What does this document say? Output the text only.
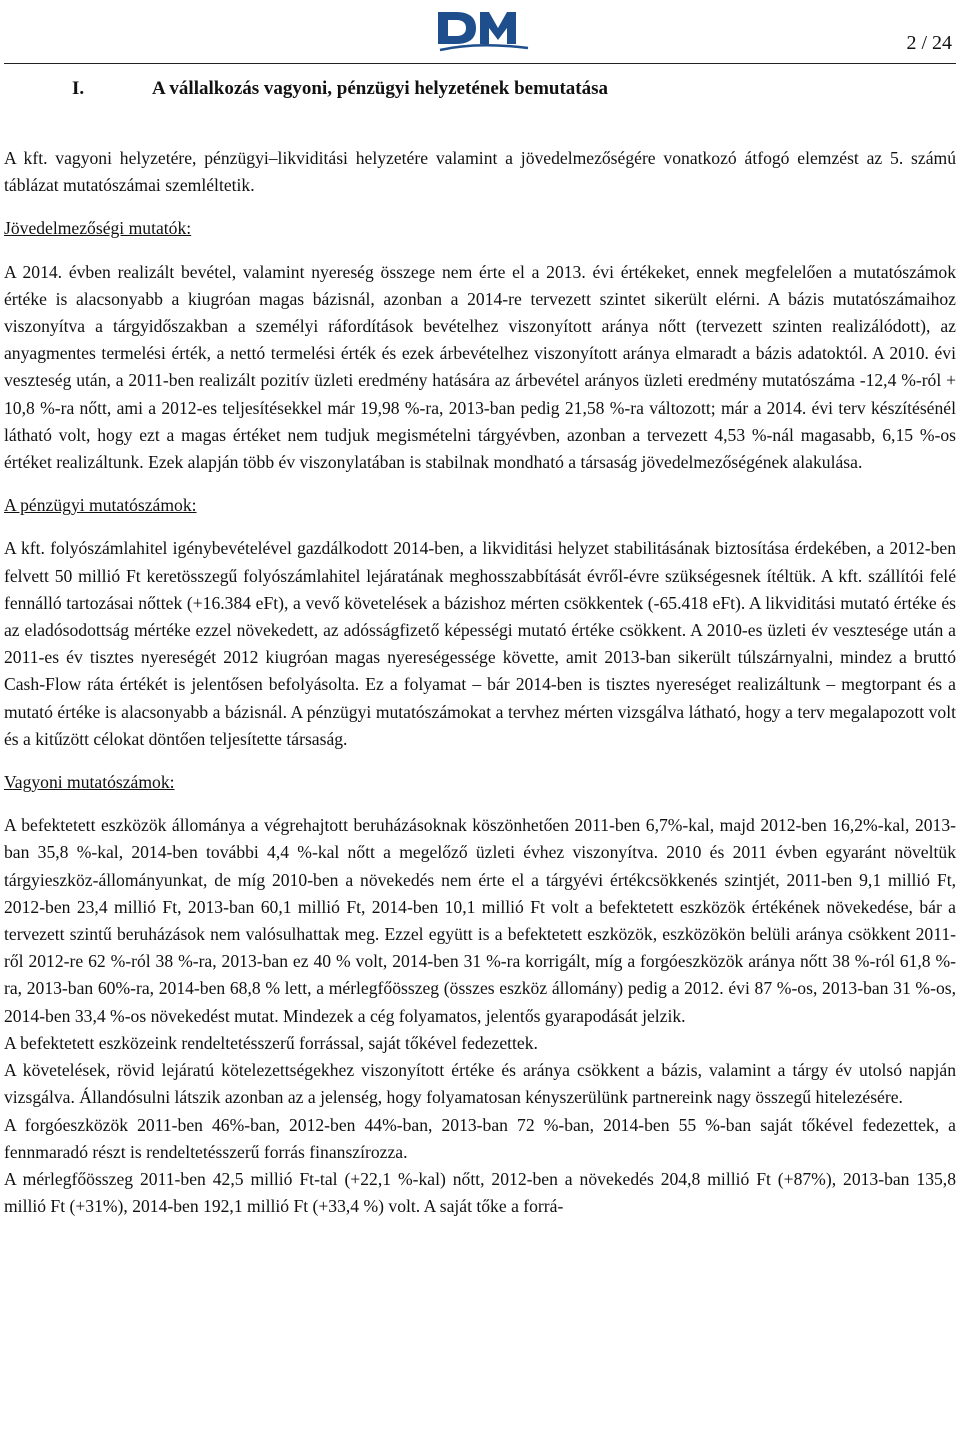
2 / 24
I.	A vállalkozás vagyoni, pénzügyi helyzetének bemutatása

A kft. vagyoni helyzetére, pénzügyi–likviditási helyzetére valamint a jövedelmezőségére vonatkozó átfogó elemzést az 5. számú táblázat mutatószámai szemléltetik.

Jövedelmezőségi mutatók:

A 2014. évben realizált bevétel, valamint nyereség összege nem érte el a 2013. évi értékeket, ennek megfelelően a mutatószámok értéke is alacsonyabb a kiugróan magas bázisnál, azonban a 2014-re tervezett szintet sikerült elérni. A bázis mutatószámaihoz viszonyítva a tárgyidőszakban a személyi ráfordítások bevételhez viszonyított aránya nőtt (tervezett szinten realizálódott), az anyagmentes termelési érték, a nettó termelési érték és ezek árbevételhez viszonyított aránya elmaradt a bázis adatoktól. A 2010. évi veszteség után, a 2011-ben realizált pozitív üzleti eredmény hatására az árbevétel arányos üzleti eredmény mutatószáma -12,4 %-ról + 10,8 %-ra nőtt, ami a 2012-es teljesítésekkel már 19,98 %-ra, 2013-ban pedig 21,58 %-ra változott; már a 2014. évi terv készítésénél látható volt, hogy ezt a magas értéket nem tudjuk megismételni tárgyévben, azonban a tervezett 4,53 %-nál magasabb, 6,15 %-os értéket realizáltunk. Ezek alapján több év viszonylatában is stabilnak mondható a társaság jövedelmezőségének alakulása.

A pénzügyi mutatószámok:

A kft. folyószámlahitel igénybevételével gazdálkodott 2014-ben, a likviditási helyzet stabilitásának biztosítása érdekében, a 2012-ben felvett 50 millió Ft keretösszegű folyószámlahitel lejáratának meghosszabbítását évről-évre szükségesnek ítéltük. A kft. szállítói felé fennálló tartozásai nőttek (+16.384 eFt), a vevő követelések a bázishoz mérten csökkentek (-65.418 eFt). A likviditási mutató értéke és az eladósodottság mértéke ezzel növekedett, az adósságfizető képességi mutató értéke csökkent. A 2010-es üzleti év vesztesége után a 2011-es év tisztes nyereségét 2012 kiugróan magas nyereségessége követte, amit 2013-ban sikerült túlszárnyalni, mindez a bruttó Cash-Flow ráta értékét is jelentősen befolyásolta. Ez a folyamat – bár 2014-ben is tisztes nyereséget realizáltunk – megtorpant és a mutató értéke is alacsonyabb a bázisnál. A pénzügyi mutatószámokat a tervhez mérten vizsgálva látható, hogy a terv megalapozott volt és a kitűzött célokat döntően teljesítette társaság.

Vagyoni mutatószámok:

A befektetett eszközök állománya a végrehajtott beruházásoknak köszönhetően 2011-ben 6,7%-kal, majd 2012-ben 16,2%-kal, 2013-ban 35,8 %-kal, 2014-ben további 4,4 %-kal nőtt a megelőző üzleti évhez viszonyítva. 2010 és 2011 évben egyaránt növeltük tárgyieszköz-állományunkat, de míg 2010-ben a növekedés nem érte el a tárgyévi értékcsökkenés szintjét, 2011-ben 9,1 millió Ft, 2012-ben 23,4 millió Ft, 2013-ban 60,1 millió Ft, 2014-ben 10,1 millió Ft volt a befektetett eszközök értékének növekedése, bár a tervezett szintű beruházások nem valósulhattak meg. Ezzel együtt is a befektetett eszközök, eszközökön belüli aránya csökkent 2011-ről 2012-re 62 %-ról 38 %-ra, 2013-ban ez 40 % volt, 2014-ben 31 %-ra korrigált, míg a forgóeszközök aránya nőtt 38 %-ról 61,8 %-ra, 2013-ban 60%-ra, 2014-ben 68,8 % lett, a mérlegfőösszeg (összes eszköz állomány) pedig a 2012. évi 87 %-os, 2013-ban 31 %-os, 2014-ben 33,4 %-os növekedést mutat. Mindezek a cég folyamatos, jelentős gyarapodását jelzik.

A befektetett eszközeink rendeltetésszerű forrással, saját tőkével fedezettek.

A követelések, rövid lejáratú kötelezettségekhez viszonyított értéke és aránya csökkent a bázis, valamint a tárgy év utolsó napján vizsgálva. Állandósulni látszik azonban az a jelenség, hogy folyamatosan kényszerülünk partnereink nagy összegű hitelezésére.

A forgóeszközök 2011-ben 46%-ban, 2012-ben 44%-ban, 2013-ban 72 %-ban, 2014-ben 55 %-ban saját tőkével fedezettek, a fennmaradó részt is rendeltetésszerű forrás finanszírozza.

A mérlegfőösszeg 2011-ben 42,5 millió Ft-tal (+22,1 %-kal) nőtt, 2012-ben a növekedés 204,8 millió Ft (+87%), 2013-ban 135,8 millió Ft (+31%), 2014-ben 192,1 millió Ft (+33,4 %) volt. A saját tőke a forrá-
